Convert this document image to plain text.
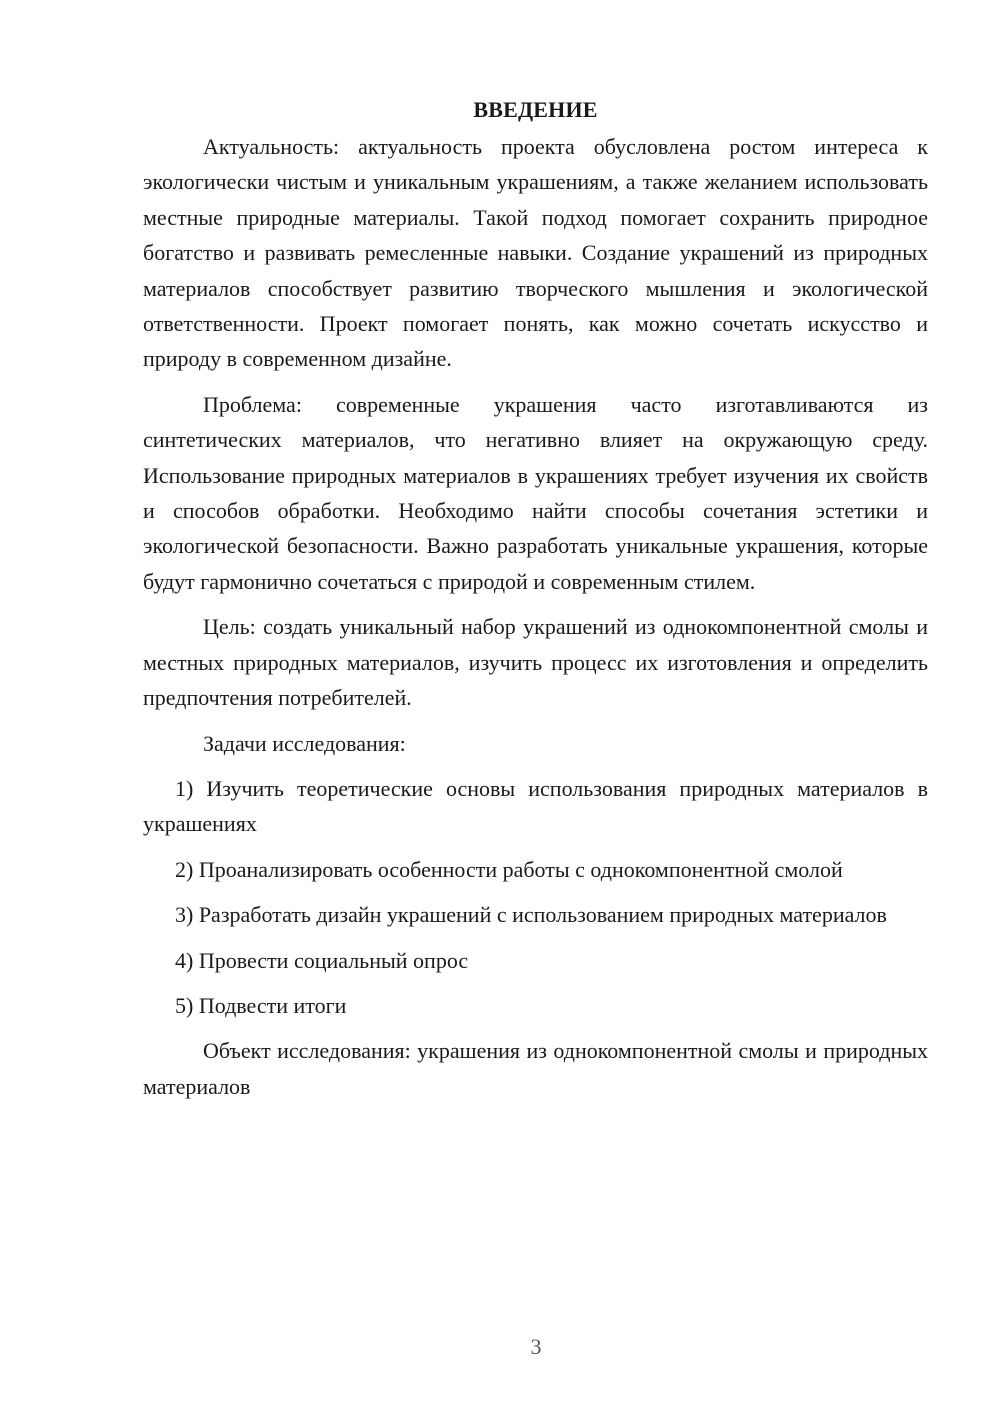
ВВЕДЕНИЕ

Актуальность: актуальность проекта обусловлена ростом интереса к экологически чистым и уникальным украшениям, а также желанием использовать местные природные материалы. Такой подход помогает сохранить природное богатство и развивать ремесленные навыки. Создание украшений из природных материалов способствует развитию творческого мышления и экологической ответственности. Проект помогает понять, как можно сочетать искусство и природу в современном дизайне.

Проблема: современные украшения часто изготавливаются из синтетических материалов, что негативно влияет на окружающую среду. Использование природных материалов в украшениях требует изучения их свойств и способов обработки. Необходимо найти способы сочетания эстетики и экологической безопасности. Важно разработать уникальные украшения, которые будут гармонично сочетаться с природой и современным стилем.

Цель: создать уникальный набор украшений из однокомпонентной смолы и местных природных материалов, изучить процесс их изготовления и определить предпочтения потребителей.

Задачи исследования:

1) Изучить теоретические основы использования природных материалов в украшениях

2) Проанализировать особенности работы с однокомпонентной смолой

3) Разработать дизайн украшений с использованием природных материалов

4) Провести социальный опрос

5) Подвести итоги

Объект исследования: украшения из однокомпонентной смолы и природных материалов

3
